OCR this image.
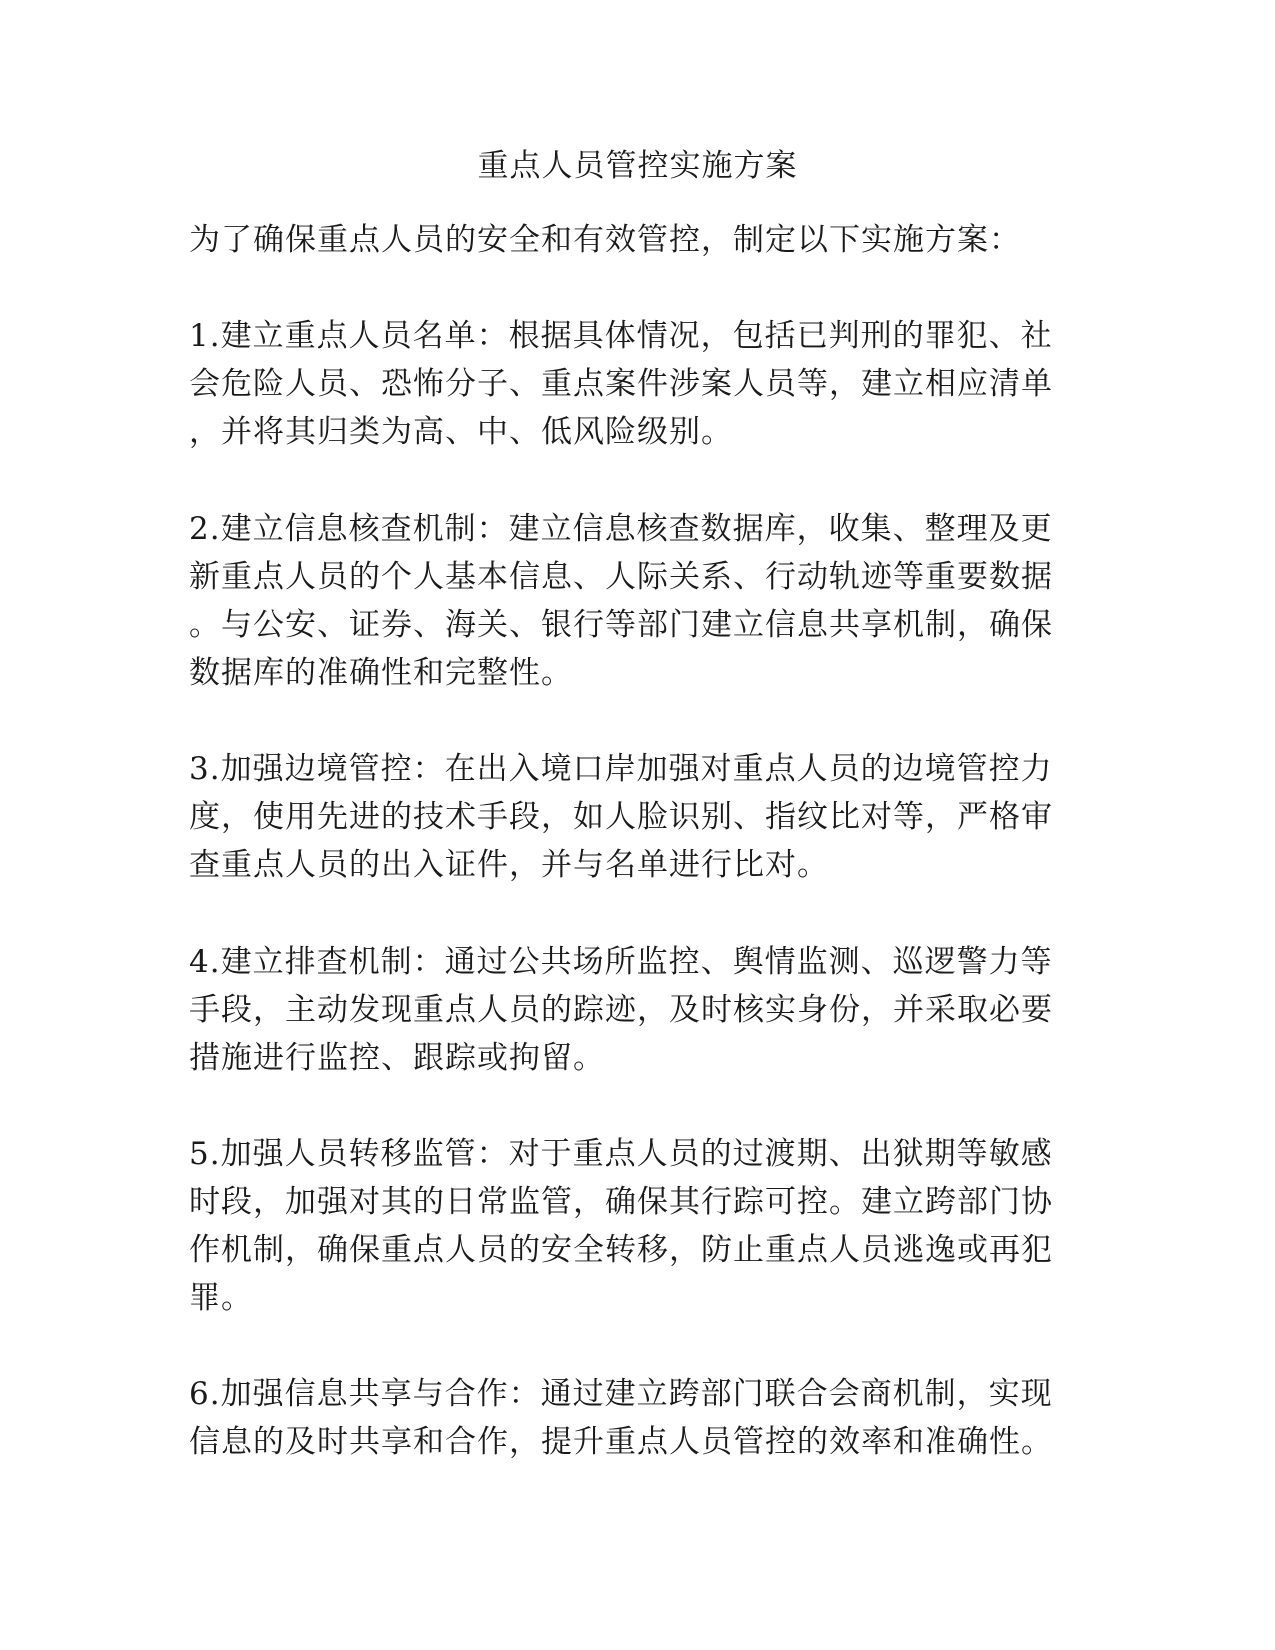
重点人员管控实施方案

为了确保重点人员的安全和有效管控，制定以下实施方案：

1.建立重点人员名单：根据具体情况，包括已判刑的罪犯、社
会危险人员、恐怖分子、重点案件涉案人员等，建立相应清单
，并将其归类为高、中、低风险级别。

2.建立信息核查机制：建立信息核查数据库，收集、整理及更
新重点人员的个人基本信息、人际关系、行动轨迹等重要数据
。与公安、证券、海关、银行等部门建立信息共享机制，确保
数据库的准确性和完整性。

3.加强边境管控：在出入境口岸加强对重点人员的边境管控力
度，使用先进的技术手段，如人脸识别、指纹比对等，严格审
查重点人员的出入证件，并与名单进行比对。

4.建立排查机制：通过公共场所监控、舆情监测、巡逻警力等
手段，主动发现重点人员的踪迹，及时核实身份，并采取必要
措施进行监控、跟踪或拘留。

5.加强人员转移监管：对于重点人员的过渡期、出狱期等敏感
时段，加强对其的日常监管，确保其行踪可控。建立跨部门协
作机制，确保重点人员的安全转移，防止重点人员逃逸或再犯
罪。

6.加强信息共享与合作：通过建立跨部门联合会商机制，实现
信息的及时共享和合作，提升重点人员管控的效率和准确性。
